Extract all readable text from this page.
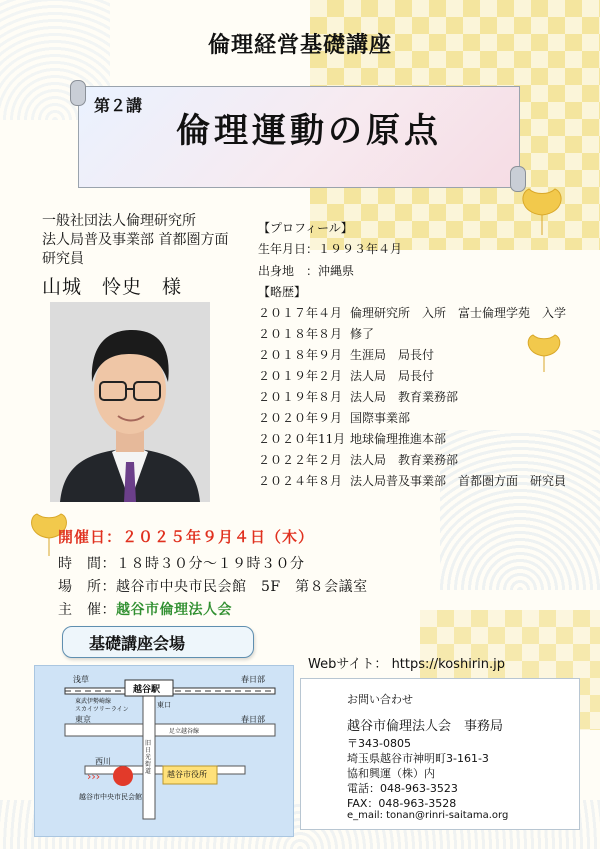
倫理経営基礎講座
第２講
倫理運動の原点
一般社団法人倫理研究所
法人局普及事業部 首都圏方面
研究員
山城　怜史　様
【プロフィール】
生年月日：１９９３年４月
出身地　：沖縄県
【略歴】
２０１７年４月 倫理研究所　入所　富士倫理学苑　入学
２０１８年８月 修了
２０１８年９月 生涯局　局長付
２０１９年２月 法人局　局長付
２０１９年８月 法人局　教育業務部
２０２０年９月 国際事業部
２０２０年11月 地球倫理推進本部
２０２２年２月 法人局　教育業務部
２０２４年８月 法人局普及事業部　首都圏方面　研究員
開催日：２０２５年９月４日（木）
時　間：１８時３０分～１９時３０分
場　所：越谷市中央市民会館　5F　第８会議室
主　催：越谷市倫理法人会
基礎講座会場
›››
浅草	春日部
越谷駅
東武伊勢崎線
スカイツリーライン
東口
東京	春日部
足立越谷線
旧日光街道
西川
越谷市役所
越谷市中央市民会館
Webサイト： https://koshirin.jp
お問い合わせ
越谷市倫理法人会　事務局
〒343-0805
埼玉県越谷市神明町3-161-3
協和興運（株）内
電話：048-963-3523
FAX：048-963-3528
e_mail: tonan@rinri-saitama.org
